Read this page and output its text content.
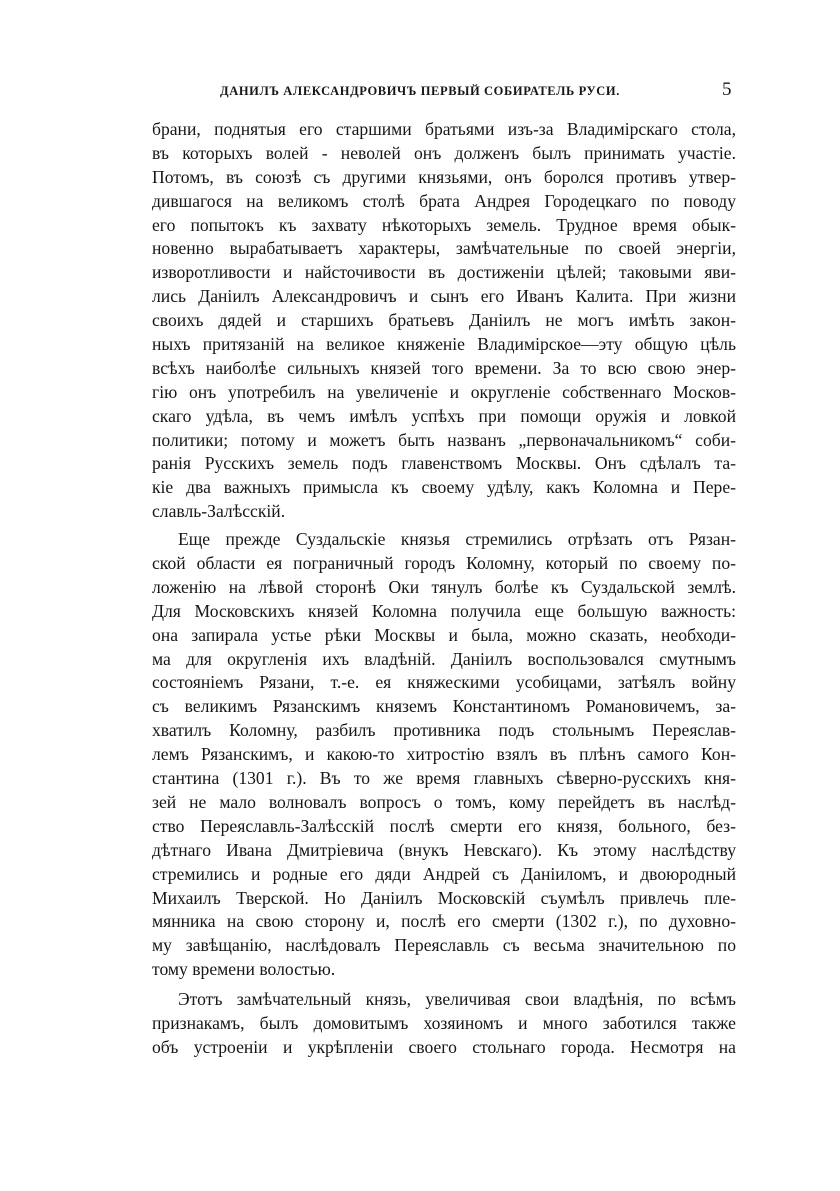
ДАНИЛЪ АЛЕКСАНДРОВИЧЪ ПЕРВЫЙ СОБИРАТЕЛЬ РУСИ.	5
брани, поднятыя его старшими братьями изъ-за Владимірскаго стола,
въ которыхъ волей - неволей онъ долженъ былъ принимать участіе.
Потомъ, въ союзѣ съ другими князьями, онъ боролся противъ утвер-
дившагося на великомъ столѣ брата Андрея Городецкаго по поводу
его попытокъ къ захвату нѣкоторыхъ земель. Трудное время обык-
новенно вырабатываетъ характеры, замѣчательные по своей энергіи,
изворотливости и найсточивости въ достиженіи цѣлей; таковыми яви-
лись Даніилъ Александровичъ и сынъ его Иванъ Калита. При жизни
своихъ дядей и старшихъ братьевъ Даніилъ не могъ имѣть закон-
ныхъ притязаній на великое княженіе Владимірское—эту общую цѣль
всѣхъ наиболѣе сильныхъ князей того времени. За то всю свою энер-
гію онъ употребилъ на увеличеніе и округленіе собственнаго Москов-
скаго удѣла, въ чемъ имѣлъ успѣхъ при помощи оружія и ловкой
политики; потому и можетъ быть названъ „первоначальникомъ“ соби-
ранія Русскихъ земель подъ главенствомъ Москвы. Онъ сдѣлалъ та-
кіе два важныхъ примысла къ своему удѣлу, какъ Коломна и Пере-
славль-Залѣсскій.
Еще прежде Суздальскіе князья стремились отрѣзать отъ Рязан-
ской области ея пограничный городъ Коломну, который по своему по-
ложенію на лѣвой сторонѣ Оки тянулъ болѣе къ Суздальской землѣ.
Для Московскихъ князей Коломна получила еще большую важность:
она запирала устье рѣки Москвы и была, можно сказать, необходи-
ма для округленія ихъ владѣній. Даніилъ воспользовался смутнымъ
состояніемъ Рязани, т.-е. ея княжескими усобицами, затѣялъ войну
съ великимъ Рязанскимъ княземъ Константиномъ Романовичемъ, за-
хватилъ Коломну, разбилъ противника подъ стольнымъ Переяслав-
лемъ Рязанскимъ, и какою-то хитростію взялъ въ плѣнъ самого Кон-
стантина (1301 г.). Въ то же время главныхъ сѣверно-русскихъ кня-
зей не мало волновалъ вопросъ о томъ, кому перейдетъ въ наслѣд-
ство Переяславль-Залѣсскій послѣ смерти его князя, больного, без-
дѣтнаго Ивана Дмитріевича (внукъ Невскаго). Къ этому наслѣдству
стремились и родные его дяди Андрей съ Даніиломъ, и двоюродный
Михаилъ Тверской. Но Даніилъ Московскій съумѣлъ привлечь пле-
мянника на свою сторону и, послѣ его смерти (1302 г.), по духовно-
му завѣщанію, наслѣдовалъ Переяславль съ весьма значительною по
тому времени волостью.
Этотъ замѣчательный князь, увеличивая свои владѣнія, по всѣмъ
признакамъ, былъ домовитымъ хозяиномъ и много заботился также
объ устроеніи и укрѣпленіи своего стольнаго города. Несмотря на
